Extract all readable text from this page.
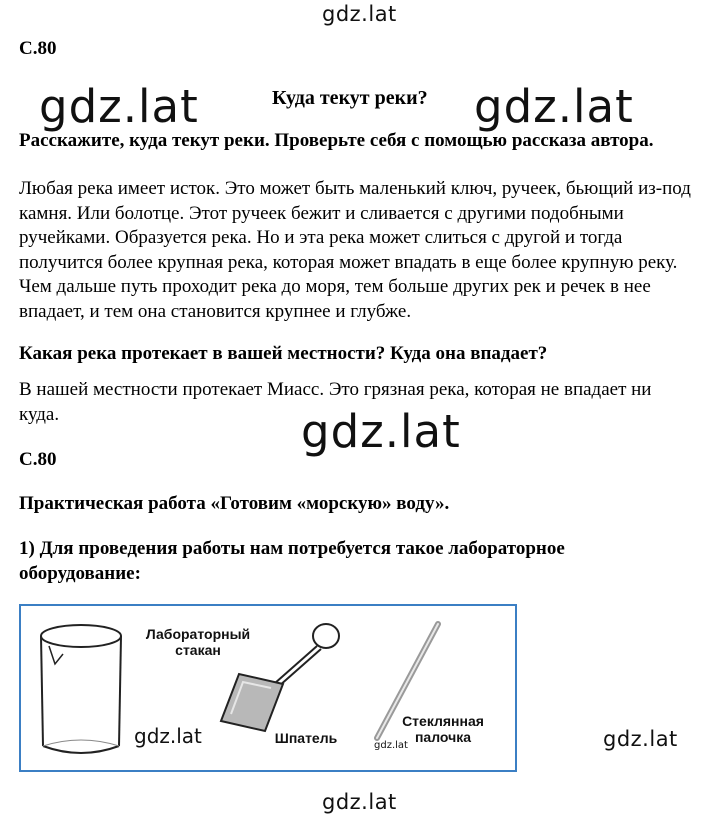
gdz.lat
С.80
gdz.lat	gdz.lat
Куда текут реки?
Расскажите, куда текут реки. Проверьте себя с помощью рассказа автора.
Любая река имеет исток. Это может быть маленький ключ, ручеек, бьющий из-под камня. Или болотце. Этот ручеек бежит и сливается с другими подобными ручейками. Образуется река. Но и эта река может слиться с другой и тогда получится более крупная река, которая может впадать в еще более крупную реку. Чем дальше путь проходит река до моря, тем больше других рек и речек в нее впадает, и тем она становится крупнее и глубже.
Какая река протекает в вашей местности? Куда она впадает?
В нашей местности протекает Миасс. Это грязная река, которая не впадает ни куда.	gdz.lat
С.80
Практическая работа «Готовим «морскую» воду».
1) Для проведения работы нам потребуется такое лабораторное оборудование:
Лабораторный стакан
Шпатель
Стеклянная палочка
gdz.lat	gdz.lat	gdz.lat
gdz.lat
